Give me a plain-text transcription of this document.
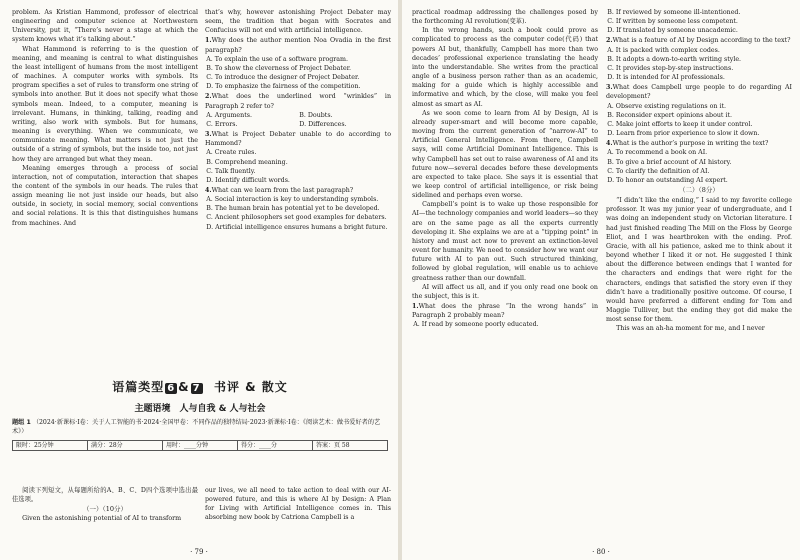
problem. As Kristian Hammond, professor of electrical engineering and computer science at Northwestern University, put it, “There’s never a stage at which the system knows what it’s talking about.”

What Hammond is referring to is the question of meaning, and meaning is central to what distinguishes the least intelligent of humans from the most intelligent of machines. A computer works with symbols. Its program specifies a set of rules to transform one string of symbols into another. But it does not specify what those symbols mean. Indeed, to a computer, meaning is irrelevant. Humans, in thinking, talking, reading and writing, also work with symbols. But for humans, meaning is everything. When we communicate, we communicate meaning. What matters is not just the outside of a string of symbols, but the inside too, not just how they are arranged but what they mean.

Meaning emerges through a process of social interaction, not of computation, interaction that shapes the content of the symbols in our heads. The rules that assign meaning lie not just inside our heads, but also outside, in society, in social memory, social conventions and social relations. It is this that distinguishes humans from machines. And

that’s why, however astonishing Project Debater may seem, the tradition that began with Socrates and Confucius will not end with artificial intelligence.

1.Why does the author mention Noa Ovadia in the first paragraph?
A. To explain the use of a software program.
B. To show the cleverness of Project Debater.
C. To introduce the designer of Project Debater.
D. To emphasize the fairness of the competition.
2.What does the underlined word “wrinkles” in Paragraph 2 refer to?
A. Arguments.	B. Doubts.
C. Errors.	D. Differences.
3.What is Project Debater unable to do according to Hammond?
A. Create rules.
B. Comprehend meaning.
C. Talk fluently.
D. Identify difficult words.
4.What can we learn from the last paragraph?
A. Social interaction is key to understanding symbols.
B. The human brain has potential yet to be developed.
C. Ancient philosophers set good examples for debaters.
D. Artificial intelligence ensures humans a bright future.
语篇类型 6 & 7 书评 & 散文
主题语境　人与自我 & 人与社会
题组 1 （2024·新课标·Ⅰ卷：关于人工智能的书·2024·全国甲卷：不同作品的独特结局·2023·新课标·Ⅰ卷：《阅读艺术：做书爱好者的艺术》）
限时：25分钟	满分：28分	用时：____分钟	得分：____分	答案：页 58

阅读下列短文，从每题所给的A、B、C、D四个选项中选出最佳选项。

（一）（10分）

Given the astonishing potential of AI to transform

our lives, we all need to take action to deal with our AI-powered future, and this is where AI by Design: A Plan for Living with Artificial Intelligence comes in. This absorbing new book by Catriona Campbell is a

· 79 ·

practical roadmap addressing the challenges posed by the forthcoming AI revolution(变革).

In the wrong hands, such a book could prove as complicated to process as the computer code(代码) that powers AI but, thankfully, Campbell has more than two decades’ professional experience translating the heady into the understandable. She writes from the practical angle of a business person rather than as an academic, making for a guide which is highly accessible and informative and which, by the close, will make you feel almost as smart as AI.

As we soon come to learn from AI by Design, AI is already super-smart and will become more capable, moving from the current generation of “narrow-AI” to Artificial General Intelligence. From there, Campbell says, will come Artificial Dominant Intelligence. This is why Campbell has set out to raise awareness of AI and its future now—several decades before these developments are expected to take place. She says it is essential that we keep control of artificial intelligence, or risk being sidelined and perhaps even worse.

Campbell’s point is to wake up those responsible for AI—the technology companies and world leaders—so they are on the same page as all the experts currently developing it. She explains we are at a “tipping point” in history and must act now to prevent an extinction-level event for humanity. We need to consider how we want our future with AI to pan out. Such structured thinking, followed by global regulation, will enable us to achieve greatness rather than our downfall.

AI will affect us all, and if you only read one book on the subject, this is it.

1.What does the phrase “In the wrong hands” in Paragraph 2 probably mean?
A. If read by someone poorly educated.
B. If reviewed by someone ill-intentioned.
C. If written by someone less competent.
D. If translated by someone unacademic.
2.What is a feature of AI by Design according to the text?
A. It is packed with complex codes.
B. It adopts a down-to-earth writing style.
C. It provides step-by-step instructions.
D. It is intended for AI professionals.
3.What does Campbell urge people to do regarding AI development?
A. Observe existing regulations on it.
B. Reconsider expert opinions about it.
C. Make joint efforts to keep it under control.
D. Learn from prior experience to slow it down.
4.What is the author’s purpose in writing the text?
A. To recommend a book on AI.
B. To give a brief account of AI history.
C. To clarify the definition of AI.
D. To honor an outstanding AI expert.
（二）（8分）

“I didn’t like the ending,” I said to my favorite college professor. It was my junior year of undergraduate, and I was doing an independent study on Victorian literature. I had just finished reading The Mill on the Floss by George Eliot, and I was heartbroken with the ending. Prof. Gracie, with all his patience, asked me to think about it beyond whether I liked it or not. He suggested I think about the difference between endings that I wanted for the characters and endings that were right for the characters, endings that satisfied the story even if they didn’t have a traditionally positive outcome. Of course, I would have preferred a different ending for Tom and Maggie Tulliver, but the ending they got did make the most sense for them.

This was an ah-ha moment for me, and I never

· 80 ·
